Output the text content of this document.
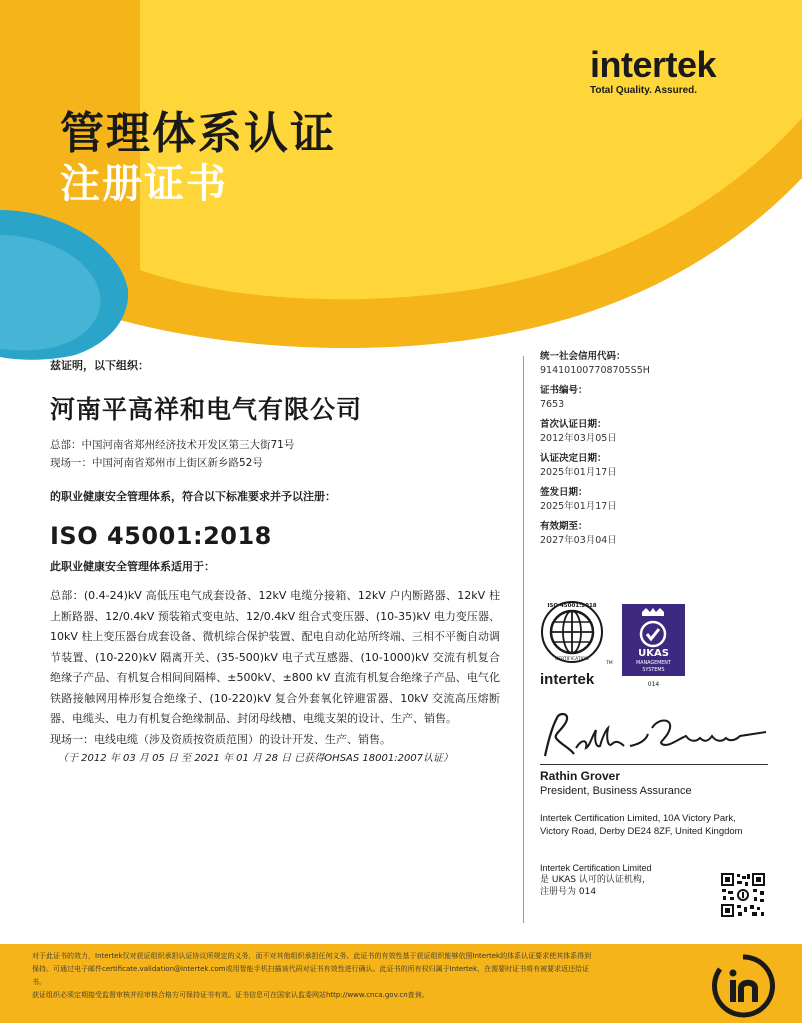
intertek
Total Quality. Assured.
管理体系认证
注册证书
兹证明，以下组织：
河南平高祥和电气有限公司
总部：中国河南省郑州经济技术开发区第三大街71号
现场一：中国河南省郑州市上街区新乡路52号
的职业健康安全管理体系，符合以下标准要求并予以注册：
ISO 45001:2018
此职业健康安全管理体系适用于：
总部：(0.4-24)kV 高低压电气成套设备、12kV 电缆分接箱、12kV 户内断路器、12kV 柱上断路器、12/0.4kV 预装箱式变电站、12/0.4kV 组合式变压器、(10-35)kV 电力变压器、10kV 柱上变压器台成套设备、微机综合保护装置、配电自动化站所终端、三相不平衡自动调节装置、(10-220)kV 隔离开关、(35-500)kV 电子式互感器、(10-1000)kV 交流有机复合绝缘子产品、有机复合相间间隔棒、±500kV、±800 kV 直流有机复合绝缘子产品、电气化铁路接触网用棒形复合绝缘子、(10-220)kV 复合外套氧化锌避雷器、10kV 交流高压熔断器、电缆头、电力有机复合绝缘制品、封闭母线槽、电缆支架的设计、生产、销售。
现场一：电线电缆（涉及资质按资质范围）的设计开发、生产、销售。
（于 2012 年 03 月 05 日 至 2021 年 01 月 28 日 已获得OHSAS 18001:2007认证）
统一社会信用代码：
914101007708705S5H
证书编号：
7653
首次认证日期：
2012年03月05日
认证决定日期：
2025年01月17日
签发日期：
2025年01月17日
有效期至：
2027年03月04日
ISO 45001:2018
CERTIFICATION
TM
intertek
UKAS
MANAGEMENT
SYSTEMS
014
Rathin Grover
President, Business Assurance
Intertek Certification Limited, 10A Victory Park, Victory Road, Derby DE24 8ZF, United Kingdom
Intertek Certification Limited
是 UKAS 认可的认证机构，
注册号为 014
对于此证书的效力，Intertek仅对获证组织承担认证协议所规定的义务，而不对其他组织承担任何义务。此证书的有效性基于获证组织能够依照Intertek的体系认证要求使其体系得到
保持。可通过电子邮件certificate.validation@intertek.com或用智能手机扫描该代码对证书有效性进行确认。此证书的所有权归属于Intertek，在需要时证书将有被要求返还给证
书。
获证组织必须定期接受监督审核并经审核合格方可保持证书有效。证书信息可在国家认监委网站http://www.cnca.gov.cn查询。
